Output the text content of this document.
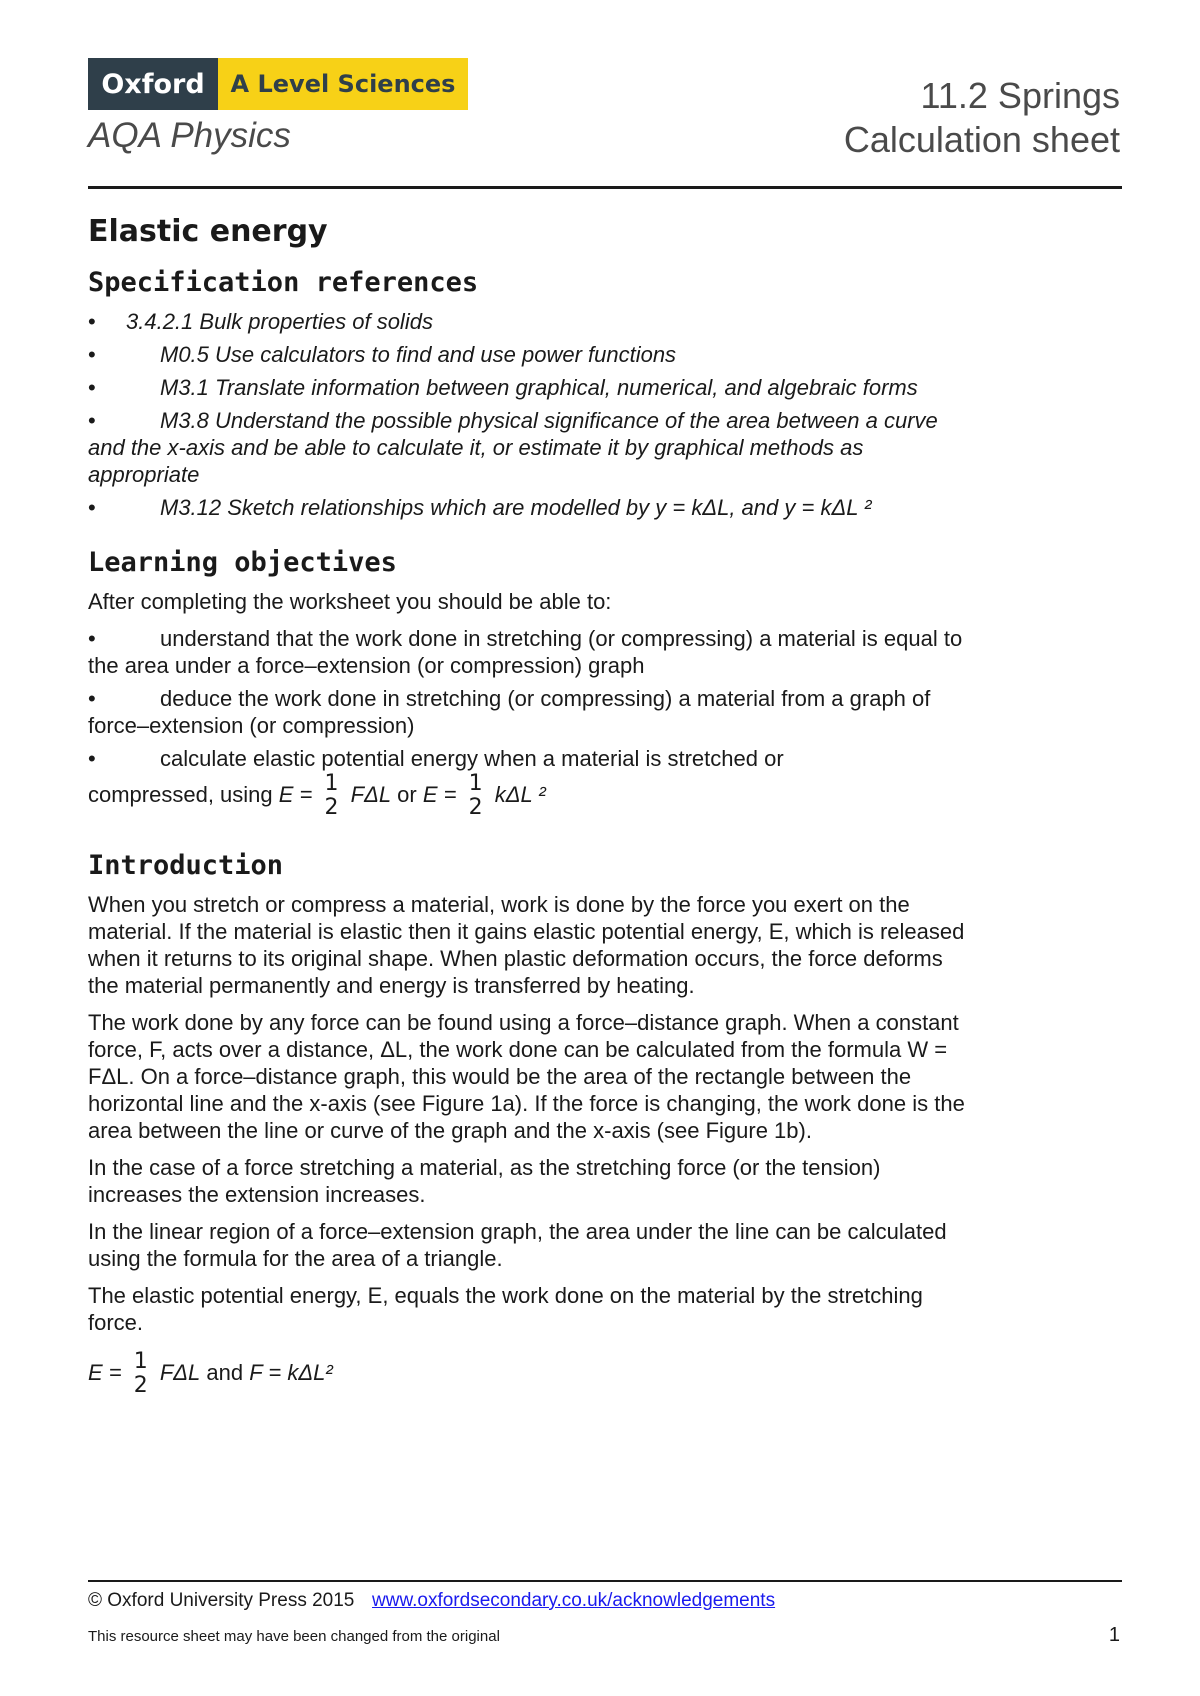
Oxford	A Level Sciences
AQA Physics
11.2 Springs
Calculation sheet
Elastic energy
Specification references
• 3.4.2.1 Bulk properties of solids
•	M0.5 Use calculators to find and use power functions
•	M3.1 Translate information between graphical, numerical, and algebraic forms
•	M3.8 Understand the possible physical significance of the area between a curve and the x-axis and be able to calculate it, or estimate it by graphical methods as appropriate
•	M3.12 Sketch relationships which are modelled by y = kΔL, and y = kΔL ²
Learning objectives

After completing the worksheet you should be able to:

•	understand that the work done in stretching (or compressing) a material is equal to the area under a force–extension (or compression) graph
•	deduce the work done in stretching (or compressing) a material from a graph of force–extension (or compression)
•	calculate elastic potential energy when a material is stretched or
compressed, using E = 1
2
FΔL or E = 1
2
kΔL ²
Introduction

When you stretch or compress a material, work is done by the force you exert on the material. If the material is elastic then it gains elastic potential energy, E, which is released when it returns to its original shape. When plastic deformation occurs, the force deforms the material permanently and energy is transferred by heating.

The work done by any force can be found using a force–distance graph. When a constant force, F, acts over a distance, ΔL, the work done can be calculated from the formula W = FΔL. On a force–distance graph, this would be the area of the rectangle between the horizontal line and the x-axis (see Figure 1a). If the force is changing, the work done is the area between the line or curve of the graph and the x-axis (see Figure 1b).

In the case of a force stretching a material, as the stretching force (or the tension) increases the extension increases.

In the linear region of a force–extension graph, the area under the line can be calculated using the formula for the area of a triangle.

The elastic potential energy, E, equals the work done on the material by the stretching force.

E = 1
2
FΔL and F = kΔL²

© Oxford University Press 2015 www.oxfordsecondary.co.uk/acknowledgements
This resource sheet may have been changed from the original	1
